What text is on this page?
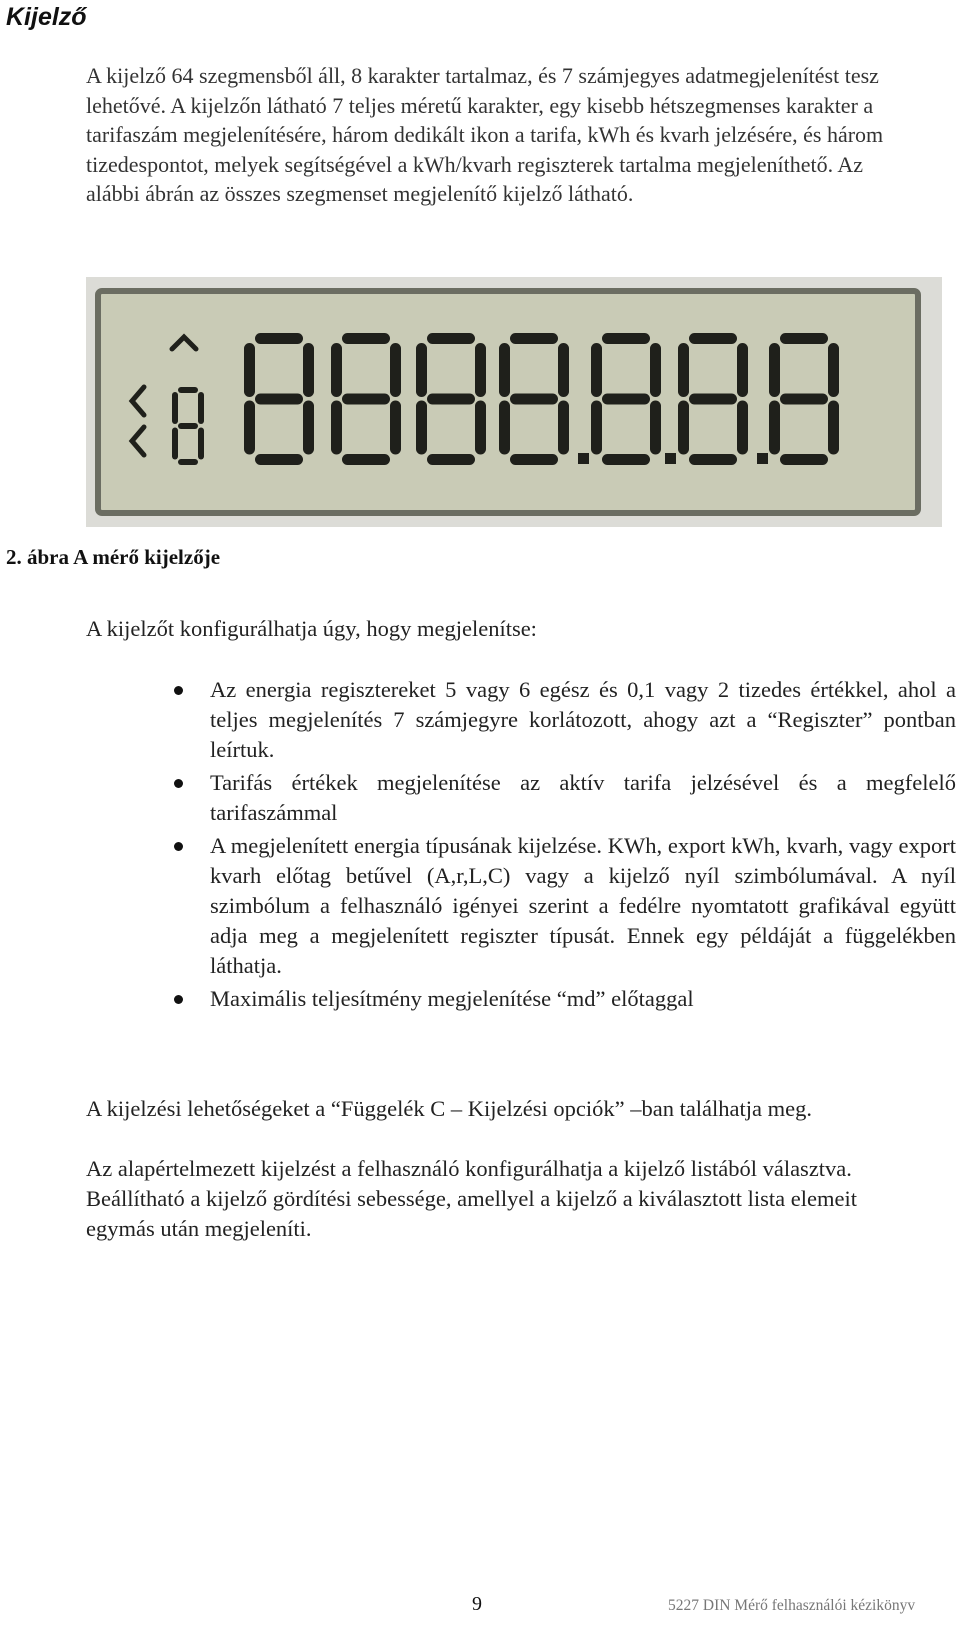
Kijelző

A kijelző 64 szegmensből áll, 8 karakter tartalmaz, és 7 számjegyes adatmegjelenítést tesz lehetővé. A kijelzőn látható 7 teljes méretű karakter, egy kisebb hétszegmenses karakter a tarifaszám megjelenítésére, három dedikált ikon a tarifa, kWh és kvarh jelzésére, és három tizedespontot, melyek segítségével a kWh/kvarh regiszterek tartalma megjeleníthető. Az alábbi ábrán az összes szegmenset megjelenítő kijelző látható.

2. ábra A mérő kijelzője

A kijelzőt konfigurálhatja úgy, hogy megjelenítse:

Az energia regisztereket 5 vagy 6 egész és 0,1 vagy 2 tizedes értékkel, ahol a teljes megjelenítés 7 számjegyre korlátozott, ahogy azt a “Regiszter” pontban leírtuk.
Tarifás értékek megjelenítése az aktív tarifa jelzésével és a megfelelő tarifaszámmal
A megjelenített energia típusának kijelzése. KWh, export kWh, kvarh, vagy export kvarh előtag betűvel (A,r,L,C) vagy a kijelző nyíl szimbólumával. A nyíl szimbólum a felhasználó igényei szerint a fedélre nyomtatott grafikával együtt adja meg a megjelenített regiszter típusát. Ennek egy példáját a függelékben láthatja.
Maximális teljesítmény megjelenítése “md” előtaggal

A kijelzési lehetőségeket a “Függelék C – Kijelzési opciók” –ban találhatja meg.

Az alapértelmezett kijelzést a felhasználó konfigurálhatja a kijelző listából választva. Beállítható a kijelző gördítési sebessége, amellyel a kijelző a kiválasztott lista elemeit egymás után megjeleníti.

9	5227 DIN Mérő felhasználói kézikönyv
